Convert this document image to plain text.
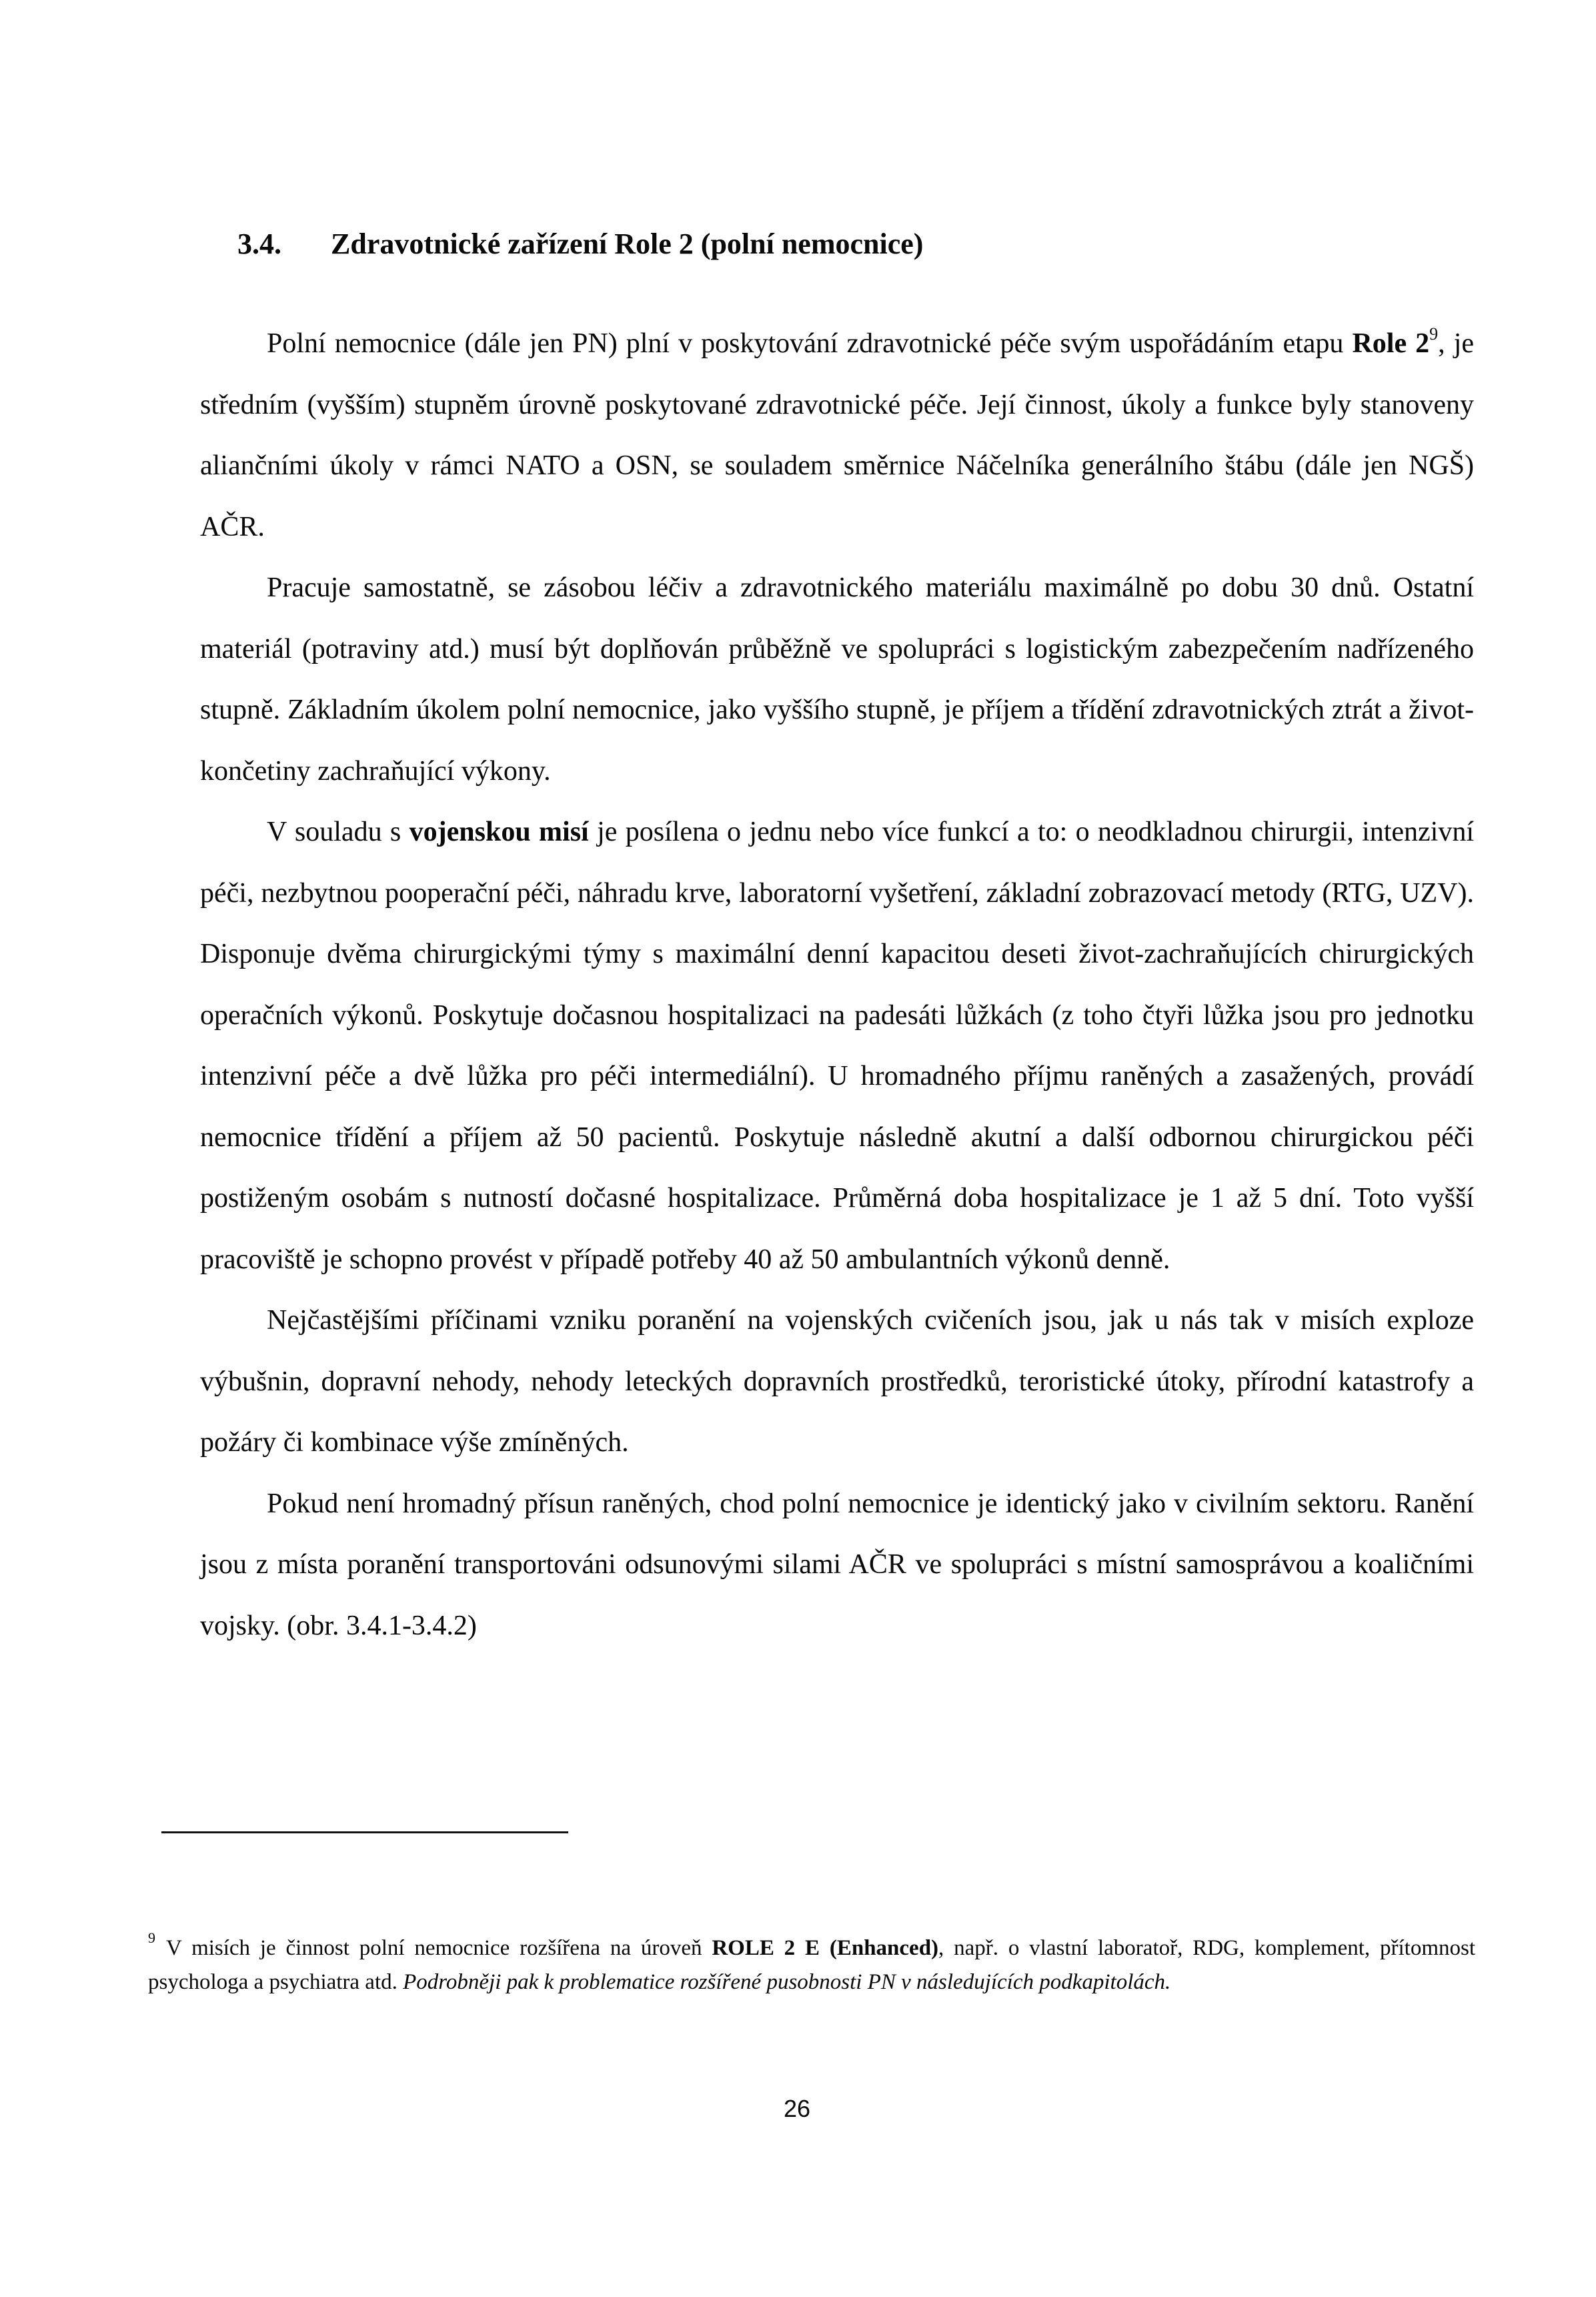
3.4. Zdravotnické zařízení Role 2 (polní nemocnice)

Polní nemocnice (dále jen PN) plní v poskytování zdravotnické péče svým uspořádáním etapu Role $2^9$, je středním (vyšším) stupněm úrovně poskytované zdravotnické péče. Její činnost, úkoly a funkce byly stanoveny aliančními úkoly v rámci NATO a OSN, se souladem směrnice Náčelníka generálního štábu (dále jen NGŠ) AČR.

Pracuje samostatně, se zásobou léčiv a zdravotnického materiálu maximálně po dobu 30 dnů. Ostatní materiál (potraviny atd.) musí být doplňován průběžně ve spolupráci s logistickým zabezpečením nadřízeného stupně. Základním úkolem polní nemocnice, jako vyššího stupně, je příjem a třídění zdravotnických ztrát a život-končetiny zachraňující výkony.

V souladu s vojenskou misí je posílena o jednu nebo více funkcí a to: o neodkladnou chirurgii, intenzivní péči, nezbytnou pooperační péči, náhradu krve, laboratorní vyšetření, základní zobrazovací metody (RTG, UZV). Disponuje dvěma chirurgickými týmy s maximální denní kapacitou deseti život-zachraňujících chirurgických operačních výkonů. Poskytuje dočasnou hospitalizaci na padesáti lůžkách (z toho čtyři lůžka jsou pro jednotku intenzivní péče a dvě lůžka pro péči intermediální). U hromadného příjmu raněných a zasažených, provádí nemocnice třídění a příjem až 50 pacientů. Poskytuje následně akutní a další odbornou chirurgickou péči postiženým osobám s nutností dočasné hospitalizace. Průměrná doba hospitalizace je 1 až 5 dní. Toto vyšší pracoviště je schopno provést v případě potřeby 40 až 50 ambulantních výkonů denně.

Nejčastějšími příčinami vzniku poranění na vojenských cvičeních jsou, jak u nás tak v misích exploze výbušnin, dopravní nehody, nehody leteckých dopravních prostředků, teroristické útoky, přírodní katastrofy a požáry či kombinace výše zmíněných.

Pokud není hromadný přísun raněných, chod polní nemocnice je identický jako v civilním sektoru. Ranění jsou z místa poranění transportováni odsunovými silami AČR ve spolupráci s místní samosprávou a koaličními vojsky. (obr. 3.4.1-3.4.2)

$^9$ V misích je činnost polní nemocnice rozšířena na úroveň ROLE 2 E (Enhanced), např. o vlastní laboratoř, RDG, komplement, přítomnost psychologa a psychiatra atd. Podrobněji pak k problematice rozšířené pusobnosti PN v následujících podkapitolách.
26
